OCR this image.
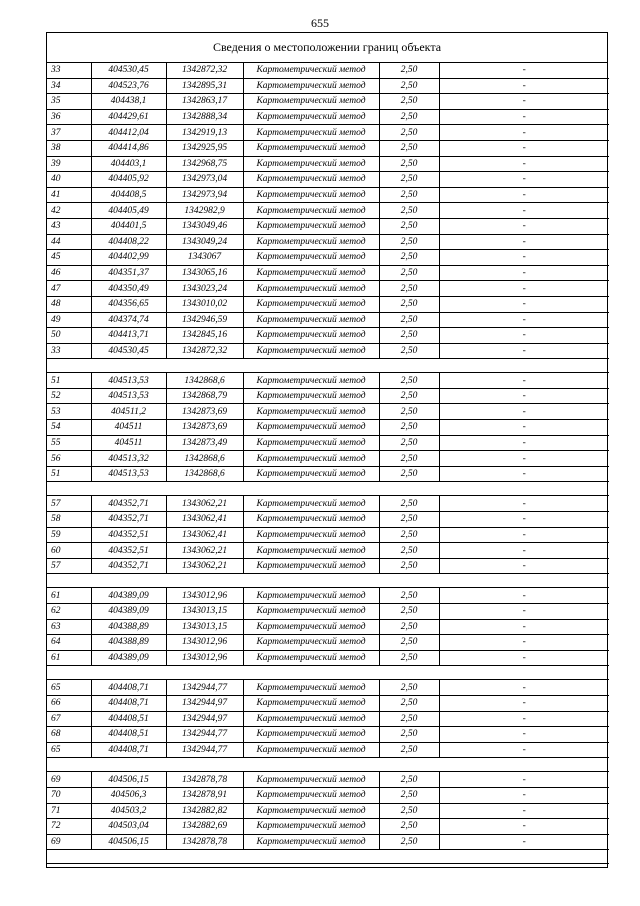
655
Сведения о местоположении границ объекта
33	404530,45	1342872,32	Картометрический метод	2,50	-
34	404523,76	1342895,31	Картометрический метод	2,50	-
35	404438,1	1342863,17	Картометрический метод	2,50	-
36	404429,61	1342888,34	Картометрический метод	2,50	-
37	404412,04	1342919,13	Картометрический метод	2,50	-
38	404414,86	1342925,95	Картометрический метод	2,50	-
39	404403,1	1342968,75	Картометрический метод	2,50	-
40	404405,92	1342973,04	Картометрический метод	2,50	-
41	404408,5	1342973,94	Картометрический метод	2,50	-
42	404405,49	1342982,9	Картометрический метод	2,50	-
43	404401,5	1343049,46	Картометрический метод	2,50	-
44	404408,22	1343049,24	Картометрический метод	2,50	-
45	404402,99	1343067	Картометрический метод	2,50	-
46	404351,37	1343065,16	Картометрический метод	2,50	-
47	404350,49	1343023,24	Картометрический метод	2,50	-
48	404356,65	1343010,02	Картометрический метод	2,50	-
49	404374,74	1342946,59	Картометрический метод	2,50	-
50	404413,71	1342845,16	Картометрический метод	2,50	-
33	404530,45	1342872,32	Картометрический метод	2,50	-

51	404513,53	1342868,6	Картометрический метод	2,50	-
52	404513,53	1342868,79	Картометрический метод	2,50	-
53	404511,2	1342873,69	Картометрический метод	2,50	-
54	404511	1342873,69	Картометрический метод	2,50	-
55	404511	1342873,49	Картометрический метод	2,50	-
56	404513,32	1342868,6	Картометрический метод	2,50	-
51	404513,53	1342868,6	Картометрический метод	2,50	-

57	404352,71	1343062,21	Картометрический метод	2,50	-
58	404352,71	1343062,41	Картометрический метод	2,50	-
59	404352,51	1343062,41	Картометрический метод	2,50	-
60	404352,51	1343062,21	Картометрический метод	2,50	-
57	404352,71	1343062,21	Картометрический метод	2,50	-

61	404389,09	1343012,96	Картометрический метод	2,50	-
62	404389,09	1343013,15	Картометрический метод	2,50	-
63	404388,89	1343013,15	Картометрический метод	2,50	-
64	404388,89	1343012,96	Картометрический метод	2,50	-
61	404389,09	1343012,96	Картометрический метод	2,50	-

65	404408,71	1342944,77	Картометрический метод	2,50	-
66	404408,71	1342944,97	Картометрический метод	2,50	-
67	404408,51	1342944,97	Картометрический метод	2,50	-
68	404408,51	1342944,77	Картометрический метод	2,50	-
65	404408,71	1342944,77	Картометрический метод	2,50	-

69	404506,15	1342878,78	Картометрический метод	2,50	-
70	404506,3	1342878,91	Картометрический метод	2,50	-
71	404503,2	1342882,82	Картометрический метод	2,50	-
72	404503,04	1342882,69	Картометрический метод	2,50	-
69	404506,15	1342878,78	Картометрический метод	2,50	-
